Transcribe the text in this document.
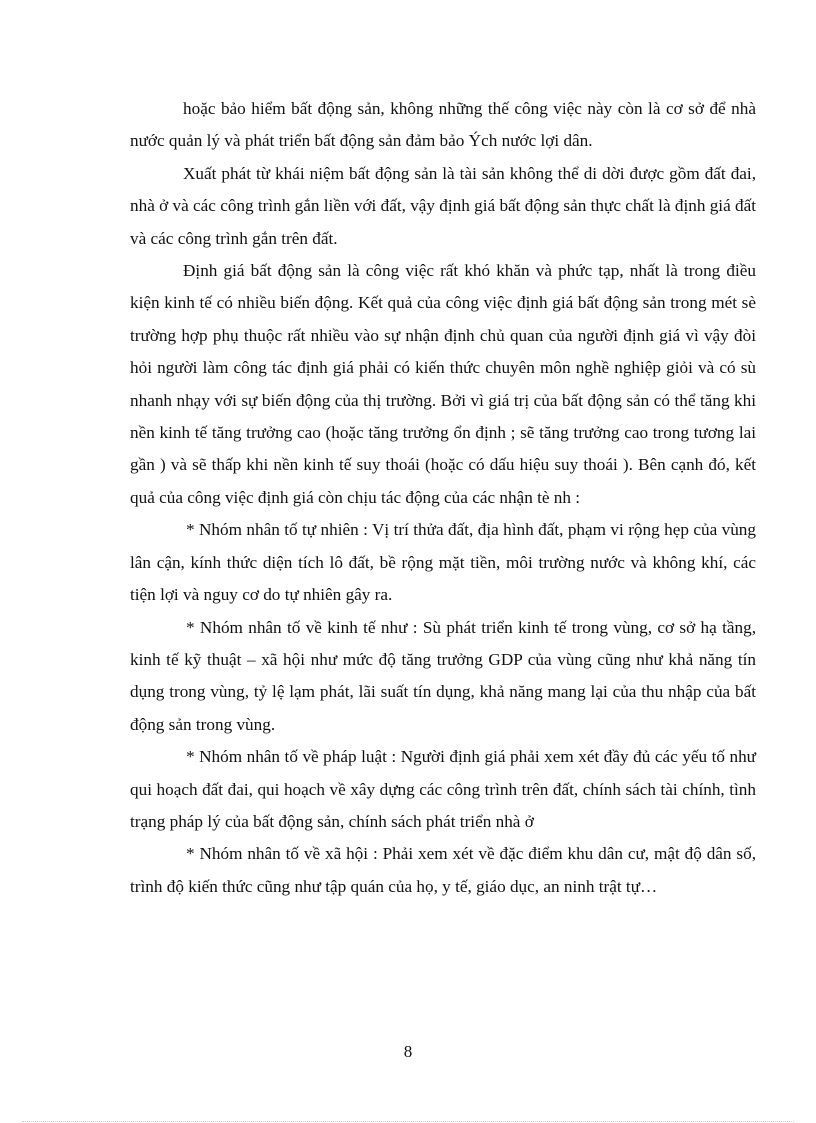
hoặc bảo hiểm bất động sản, không những thế công việc này còn là cơ sở để nhà nước quản lý và phát triển bất động sản đảm bảo Ých nước lợi dân.

Xuất phát từ khái niệm bất động sản là tài sản không thể di dời được gồm đất đai, nhà ở và các công trình gắn liền với đất, vậy định giá bất động sản thực chất là định giá đất và các công trình gắn trên đất.

Định giá bất động sản là công việc rất khó khăn và phức tạp, nhất là trong điều kiện kinh tế có nhiều biến động. Kết quả của công việc định giá bất động sản trong mét sè trường hợp phụ thuộc rất nhiều vào sự nhận định chủ quan của người định giá vì vậy đòi hỏi người làm công tác định giá phải có kiến thức chuyên môn nghề nghiệp giỏi và có sù nhanh nhạy với sự biến động của thị trường. Bởi vì giá trị của bất động sản có thể tăng khi nền kinh tế tăng trưởng cao (hoặc tăng trưởng ổn định ; sẽ tăng trưởng cao trong tương lai gần ) và sẽ thấp khi nền kinh tế suy thoái (hoặc có dấu hiệu suy thoái ). Bên cạnh đó, kết quả của công việc định giá còn chịu tác động của các nhận tè nh :

* Nhóm nhân tố tự nhiên : Vị trí thửa đất, địa hình đất, phạm vi rộng hẹp của vùng lân cận, kính thức diện tích lô đất, bề rộng mặt tiền, môi trường nước và không khí, các tiện lợi và nguy cơ do tự nhiên gây ra.

* Nhóm nhân tố về kinh tế như : Sù phát triển kinh tế trong vùng, cơ sở hạ tầng, kinh tế kỹ thuật – xã hội như mức độ tăng trưởng GDP của vùng cũng như khả năng tín dụng trong vùng, tỷ lệ lạm phát, lãi suất tín dụng, khả năng mang lại của thu nhập của bất động sản trong vùng.

* Nhóm nhân tố về pháp luật : Người định giá phải xem xét đầy đủ các yếu tố như qui hoạch đất đai, qui hoạch về xây dựng các công trình trên đất, chính sách tài chính, tình trạng pháp lý của bất động sản, chính sách phát triển nhà ở

* Nhóm nhân tố về xã hội : Phải xem xét về đặc điểm khu dân cư, mật độ dân số, trình độ kiến thức cũng như tập quán của họ, y tế, giáo dục, an ninh trật tự…

8
